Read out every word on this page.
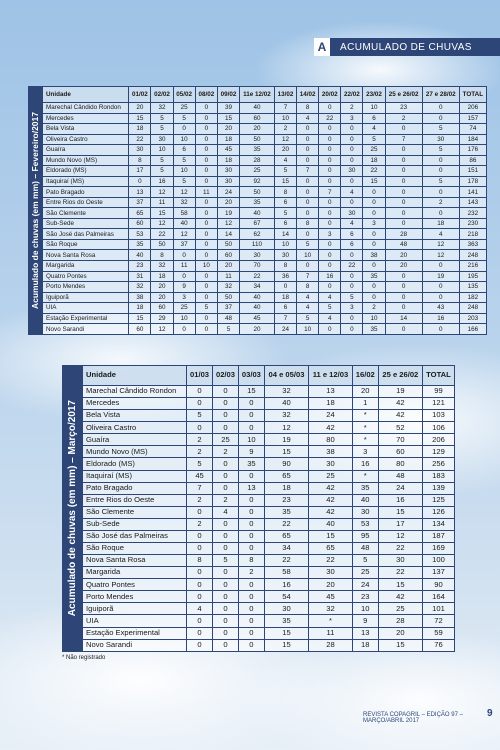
A	ACUMULADO DE CHUVAS
Acumulado de chuvas (em mm) – Fevereiro/2017
Unidade	01/02	02/02	05/02	08/02	09/02	11e 12/02	13/02	14/02	20/02	22/02	23/02	25 e 26/02	27 e 28/02	TOTAL
Marechal Cândido Rondon	20	32	25	0	39	40	7	8	0	2	10	23	0	206
Mercedes	15	5	5	0	15	60	10	4	22	3	6	2	0	157
Bela Vista	18	5	0	0	20	20	2	0	0	0	4	0	5	74
Oliveira Castro	22	30	10	0	18	50	12	0	0	0	5	7	30	184
Guaíra	30	10	6	0	45	35	20	0	0	0	25	0	5	176
Mundo Novo (MS)	8	5	5	0	18	28	4	0	0	0	18	0	0	86
Eldorado (MS)	17	5	10	0	30	25	5	7	0	30	22	0	0	151
Itaquiraí (MS)	0	16	5	0	30	92	15	0	0	0	15	0	5	178
Pato Bragado	13	12	12	11	24	50	8	0	7	4	0	0	0	141
Entre Rios do Oeste	37	11	32	0	20	35	6	0	0	0	0	0	2	143
São Clemente	65	15	58	0	19	40	5	0	0	30	0	0	0	232
Sub-Sede	60	12	40	0	12	67	6	8	0	4	3	0	18	230
São José das Palmeiras	53	22	12	0	14	62	14	0	3	6	0	28	4	218
São Roque	35	50	37	0	50	110	10	5	0	6	0	48	12	363
Nova Santa Rosa	40	8	0	0	60	30	30	10	0	0	38	20	12	248
Margarida	23	32	11	10	20	70	8	0	0	22	0	20	0	216
Quatro Pontes	31	18	0	0	11	22	36	7	16	0	35	0	19	195
Porto Mendes	32	20	9	0	32	34	0	8	0	0	0	0	0	135
Iguiporã	38	20	3	0	50	40	18	4	4	5	0	0	0	182
UIA	18	60	25	5	37	40	6	4	5	3	2	0	43	248
Estação Experimental	15	29	10	0	48	45	7	5	4	0	10	14	16	203
Novo Sarandi	60	12	0	0	5	20	24	10	0	0	35	0	0	166
Acumulado de chuvas (em mm) – Março/2017
Unidade	01/03	02/03	03/03	04 e 05/03	11 e 12/03	16/02	25 e 26/02	TOTAL
Marechal Cândido Rondon	0	0	15	32	13	20	19	99
Mercedes	0	0	0	40	18	1	42	121
Bela Vista	5	0	0	32	24	*	42	103
Oliveira Castro	0	0	0	12	42	*	52	106
Guaíra	2	25	10	19	80	*	70	206
Mundo Novo (MS)	2	2	9	15	38	3	60	129
Eldorado (MS)	5	0	35	90	30	16	80	256
Itaquiraí (MS)	45	0	0	65	25	*	48	183
Pato Bragado	7	0	13	18	42	35	24	139
Entre Rios do Oeste	2	2	0	23	42	40	16	125
São Clemente	0	4	0	35	42	30	15	126
Sub-Sede	2	0	0	22	40	53	17	134
São José das Palmeiras	0	0	0	65	15	95	12	187
São Roque	0	0	0	34	65	48	22	169
Nova Santa Rosa	8	5	8	22	22	5	30	100
Margarida	0	0	2	58	30	25	22	137
Quatro Pontes	0	0	0	16	20	24	15	90
Porto Mendes	0	0	0	54	45	23	42	164
Iguiporã	4	0	0	30	32	10	25	101
UIA	0	0	0	35	*	9	28	72
Estação Experimental	0	0	0	15	11	13	20	59
Novo Sarandi	0	0	0	15	28	18	15	76
* Não registrado
REVISTA COPAGRIL – EDIÇÃO 97 – MARÇO/ABRIL 2017
9
